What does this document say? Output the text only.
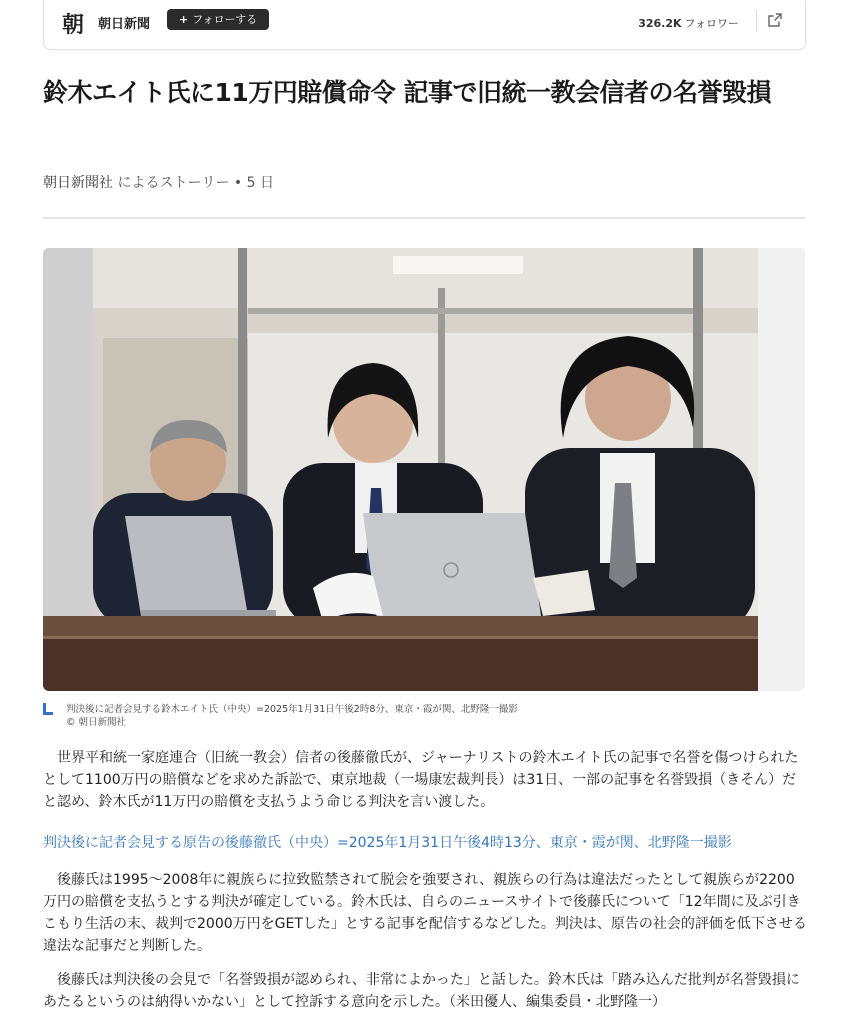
朝 朝日新聞	+ フォローする	326.2K フォロワー
鈴木エイト氏に11万円賠償命令 記事で旧統一教会信者の名誉毀損
朝日新聞社 によるストーリー • 5 日
判決後に記者会見する鈴木エイト氏（中央）=2025年1月31日午後2時8分、東京・霞が関、北野隆一撮影
© 朝日新聞社

　世界平和統一家庭連合（旧統一教会）信者の後藤徹氏が、ジャーナリストの鈴木エイト氏の記事で名誉を傷つけられたとして1100万円の賠償などを求めた訴訟で、東京地裁（一場康宏裁判長）は31日、一部の記事を名誉毀損（きそん）だと認め、鈴木氏が11万円の賠償を支払うよう命じる判決を言い渡した。

判決後に記者会見する原告の後藤徹氏（中央）=2025年1月31日午後4時13分、東京・霞が関、北野隆一撮影

　後藤氏は1995～2008年に親族らに拉致監禁されて脱会を強要され、親族らの行為は違法だったとして親族らが2200万円の賠償を支払うとする判決が確定している。鈴木氏は、自らのニュースサイトで後藤氏について「12年間に及ぶ引きこもり生活の末、裁判で2000万円をGETした」とする記事を配信するなどした。判決は、原告の社会的評価を低下させる違法な記事だと判断した。

　後藤氏は判決後の会見で「名誉毀損が認められ、非常によかった」と話した。鈴木氏は「踏み込んだ批判が名誉毀損にあたるというのは納得いかない」として控訴する意向を示した。（米田優人、編集委員・北野隆一）
